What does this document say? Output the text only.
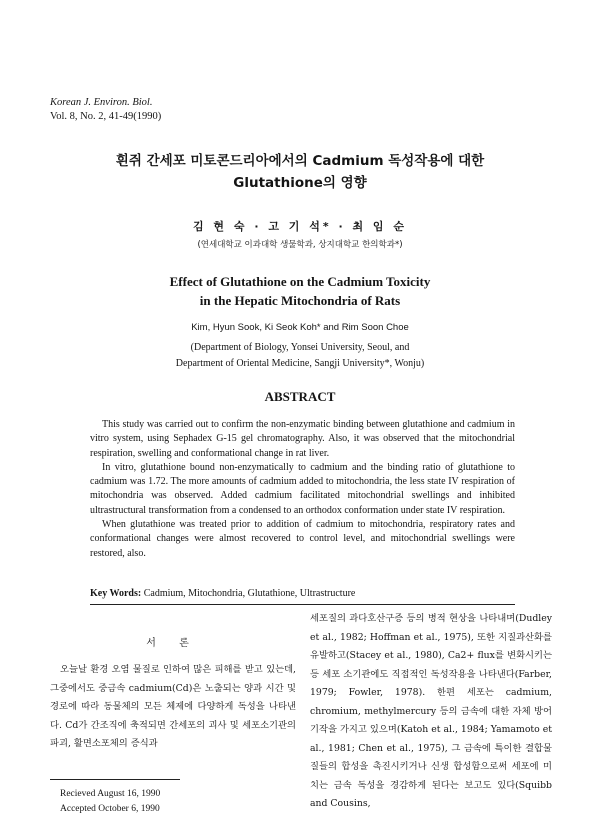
Korean J. Environ. Biol.
Vol. 8, No. 2, 41-49(1990)
흰쥐 간세포 미토콘드리아에서의 Cadmium 독성작용에 대한
Glutathione의 영향
김 현 숙 · 고 기 석* · 최 임 순
(연세대학교 이과대학 생물학과, 상지대학교 한의학과*)
Effect of Glutathione on the Cadmium Toxicity
in the Hepatic Mitochondria of Rats
Kim, Hyun Sook, Ki Seok Koh* and Rim Soon Choe
(Department of Biology, Yonsei University, Seoul, and
Department of Oriental Medicine, Sangji University*, Wonju)
ABSTRACT

This study was carried out to confirm the non-enzymatic binding between glutathione and cadmium in vitro system, using Sephadex G-15 gel chromatography. Also, it was observed that the mitochondrial respiration, swelling and conformational change in rat liver.

In vitro, glutathione bound non-enzymatically to cadmium and the binding ratio of glutathione to cadmium was 1.72. The more amounts of cadmium added to mitochondria, the less state IV respiration of mitochondria was observed. Added cadmium facilitated mitochondrial swellings and inhibited ultrastructural transformation from a condensed to an orthodox conformation under state IV respiration.

When glutathione was treated prior to addition of cadmium to mitochondria, respiratory rates and conformational changes were almost recovered to control level, and mitochondrial swellings were restored, also.

Key Words: Cadmium, Mitochondria, Glutathione, Ultrastructure
서 론

오늘날 환경 오염 물질로 인하여 많은 피해를 받고 있는데, 그중에서도 중금속 cadmium(Cd)은 노출되는 양과 시간 및 경로에 따라 동물체의 모든 체제에 다양하게 독성을 나타낸다. Cd가 간조직에 축적되면 간세포의 괴사 및 세포소기관의 파괴, 활면소포체의 증식과

세포질의 과다호산구증 등의 병적 현상을 나타내며(Dudley et al., 1982; Hoffman et al., 1975), 또한 지질과산화를 유발하고(Stacey et al., 1980), Ca2+ flux를 변화시키는 등 세포 소기관에도 직접적인 독성작용을 나타낸다(Farber, 1979; Fowler, 1978). 한편 세포는 cadmium, chromium, methylmercury 등의 금속에 대한 자체 방어 기작을 가지고 있으며(Katoh et al., 1984; Yamamoto et al., 1981; Chen et al., 1975), 그 금속에 특이한 결합물질들의 합성을 촉진시키거나 신생 합성함으로써 세포에 미치는 금속 독성을 경감하게 된다는 보고도 있다(Squibb and Cousins,

Recieved August 16, 1990
Accepted October 6, 1990
